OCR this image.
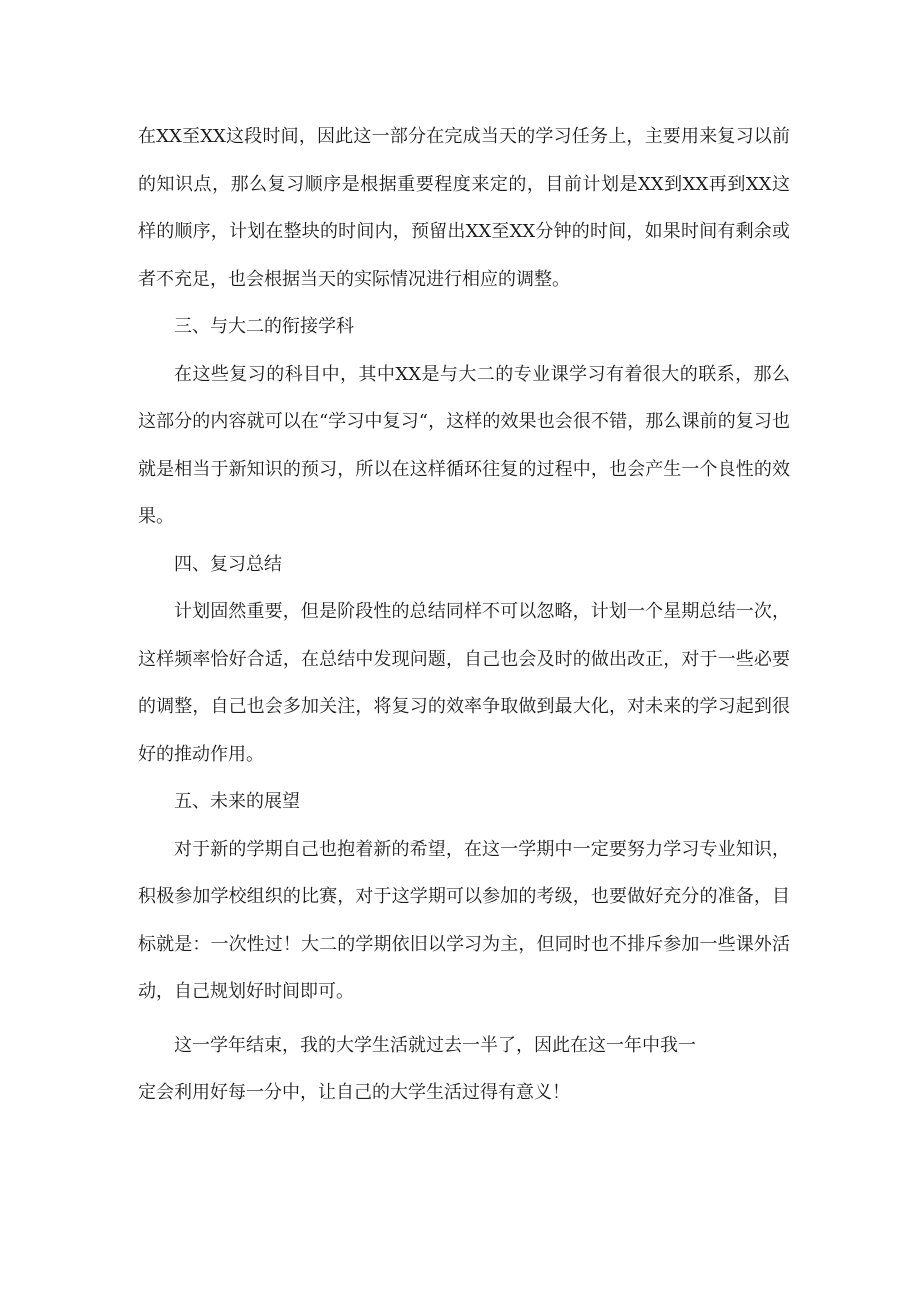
在XX至XX这段时间，因此这一部分在完成当天的学习任务上，主要用来复习以前的知识点，那么复习顺序是根据重要程度来定的，目前计划是XX到XX再到XX这样的顺序，计划在整块的时间内，预留出XX至XX分钟的时间，如果时间有剩余或者不充足，也会根据当天的实际情况进行相应的调整。

三、与大二的衔接学科

在这些复习的科目中，其中XX是与大二的专业课学习有着很大的联系，那么这部分的内容就可以在“学习中复习“，这样的效果也会很不错，那么课前的复习也就是相当于新知识的预习，所以在这样循环往复的过程中，也会产生一个良性的效果。

四、复习总结

计划固然重要，但是阶段性的总结同样不可以忽略，计划一个星期总结一次，这样频率恰好合适，在总结中发现问题，自己也会及时的做出改正，对于一些必要的调整，自己也会多加关注，将复习的效率争取做到最大化，对未来的学习起到很好的推动作用。

五、未来的展望

对于新的学期自己也抱着新的希望，在这一学期中一定要努力学习专业知识，积极参加学校组织的比赛，对于这学期可以参加的考级，也要做好充分的准备，目标就是：一次性过！大二的学期依旧以学习为主，但同时也不排斥参加一些课外活动，自己规划好时间即可。

这一学年结束，我的大学生活就过去一半了，因此在这一年中我一
定会利用好每一分中，让自己的大学生活过得有意义！
